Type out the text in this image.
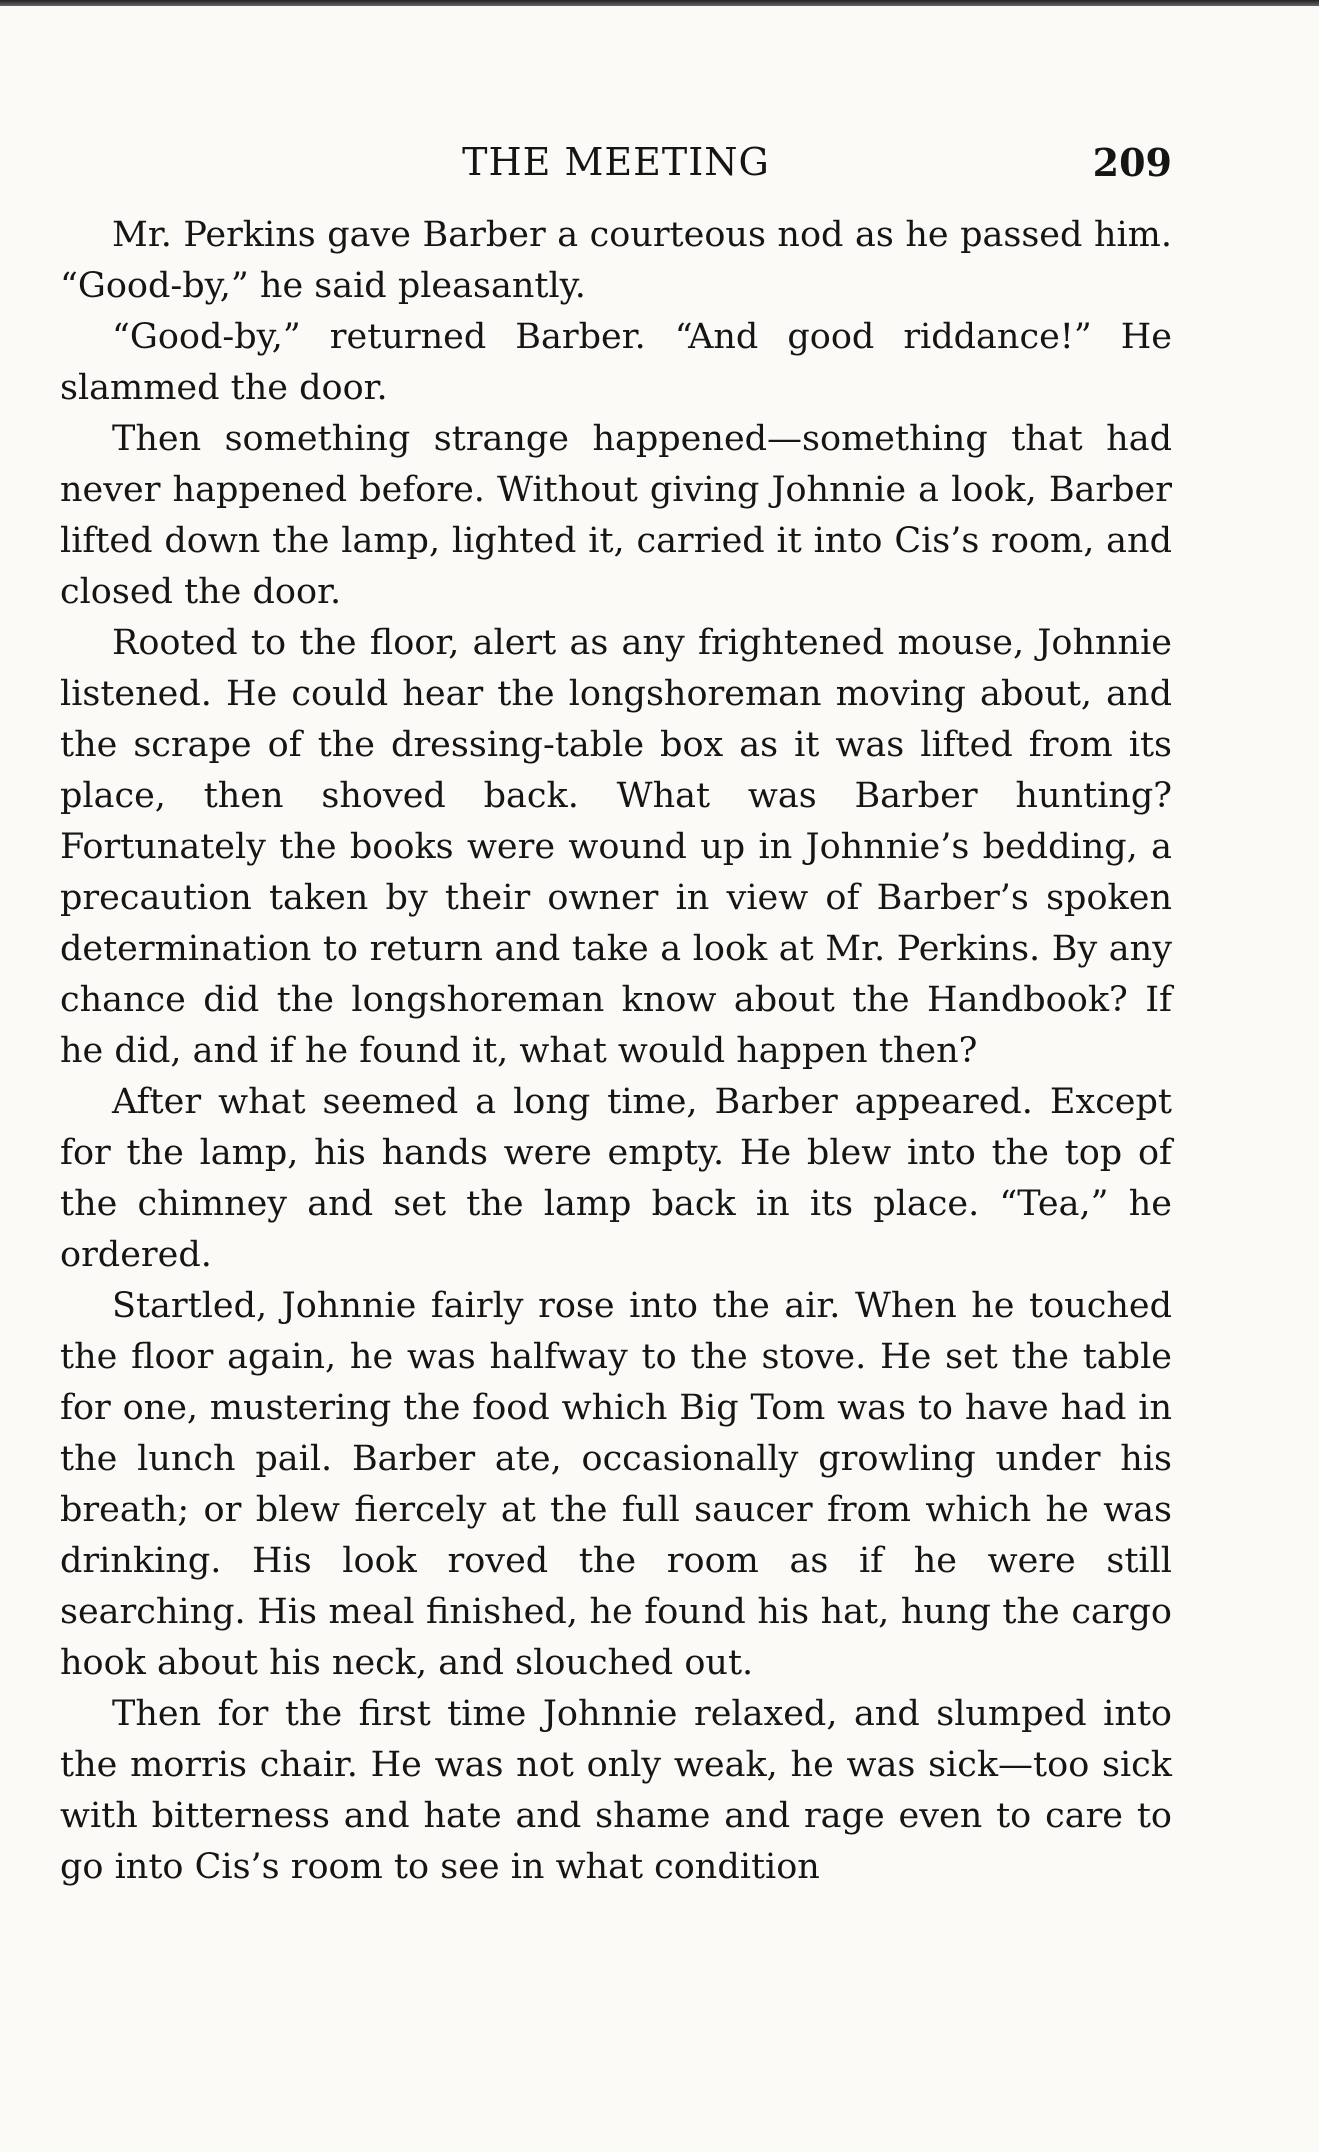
THE MEETING	209

Mr. Perkins gave Barber a courteous nod as he passed him. “Good-by,” he said pleasantly.

“Good-by,” returned Barber. “And good riddance!” He slammed the door.

Then something strange happened—something that had never happened before. Without giving Johnnie a look, Barber lifted down the lamp, lighted it, carried it into Cis’s room, and closed the door.

Rooted to the floor, alert as any frightened mouse, Johnnie listened. He could hear the longshoreman moving about, and the scrape of the dressing-table box as it was lifted from its place, then shoved back. What was Barber hunting? Fortunately the books were wound up in Johnnie’s bedding, a precaution taken by their owner in view of Barber’s spoken determination to return and take a look at Mr. Perkins. By any chance did the longshoreman know about the Handbook? If he did, and if he found it, what would happen then?

After what seemed a long time, Barber appeared. Except for the lamp, his hands were empty. He blew into the top of the chimney and set the lamp back in its place. “Tea,” he ordered.

Startled, Johnnie fairly rose into the air. When he touched the floor again, he was halfway to the stove. He set the table for one, mustering the food which Big Tom was to have had in the lunch pail. Barber ate, occasionally growling under his breath; or blew fiercely at the full saucer from which he was drinking. His look roved the room as if he were still searching. His meal finished, he found his hat, hung the cargo hook about his neck, and slouched out.

Then for the first time Johnnie relaxed, and slumped into the morris chair. He was not only weak, he was sick—too sick with bitterness and hate and shame and rage even to care to go into Cis’s room to see in what condition
